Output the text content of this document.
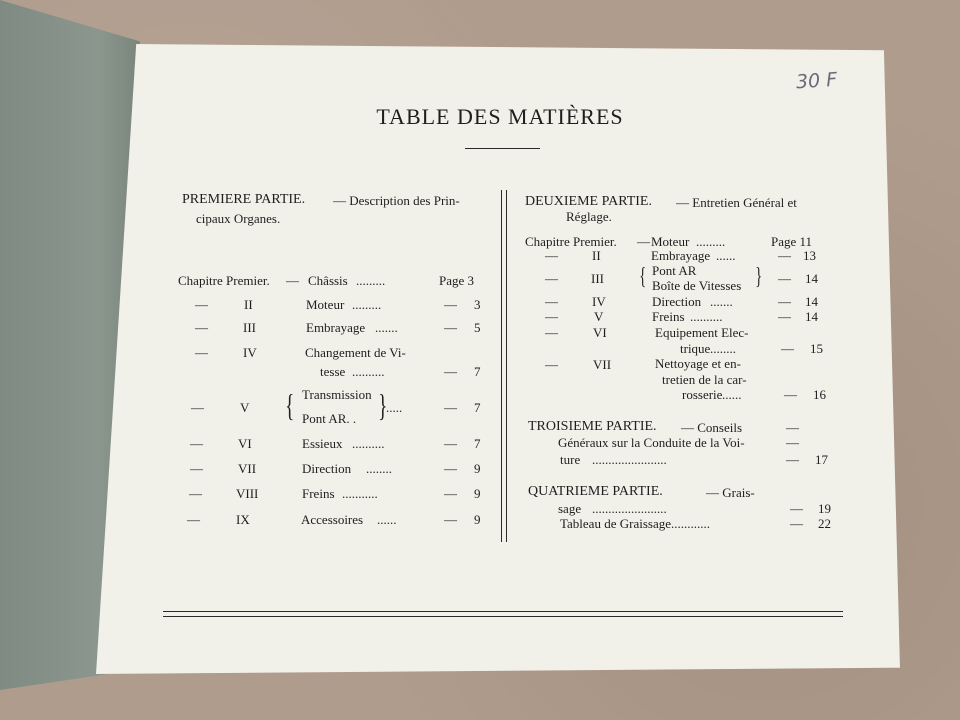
30 F
TABLE DES MATIÈRES
PREMIERE PARTIE. — Description des Prin-
cipaux Organes.
Chapitre Premier. — Châssis .........	Page 3
—	II	Moteur .........	— 3
—	III	Embrayage .......	— 5
—	IV	Changement de Vi-
tesse ..........	— 7
—	V { Transmission
Pont AR. . }
.....	— 7
—	VI	Essieux ..........	— 7
—	VII	Direction ........	— 9
—	VIII	Freins ...........	— 9
—	IX	Accessoires ......	— 9
DEUXIEME PARTIE. — Entretien Général et
Réglage.
Chapitre Premier. — Moteur .........	Page 11
—	II	Embrayage ......	— 13
—	III { Pont AR
Boîte de Vitesses } — 14
—	IV	Direction .......	— 14
—	V	Freins ..........	— 14
—	VI	Equipement Elec-
trique ........	— 15
—	VII	Nettoyage et en-
tretien de la car-
rosserie ......	— 16
TROISIEME PARTIE. — Conseils	—
Généraux sur la Conduite de la Voi-	—
ture .......................	— 17
QUATRIEME PARTIE.	— Grais-
sage .......................	— 19
Tableau de Graissage............	— 22
